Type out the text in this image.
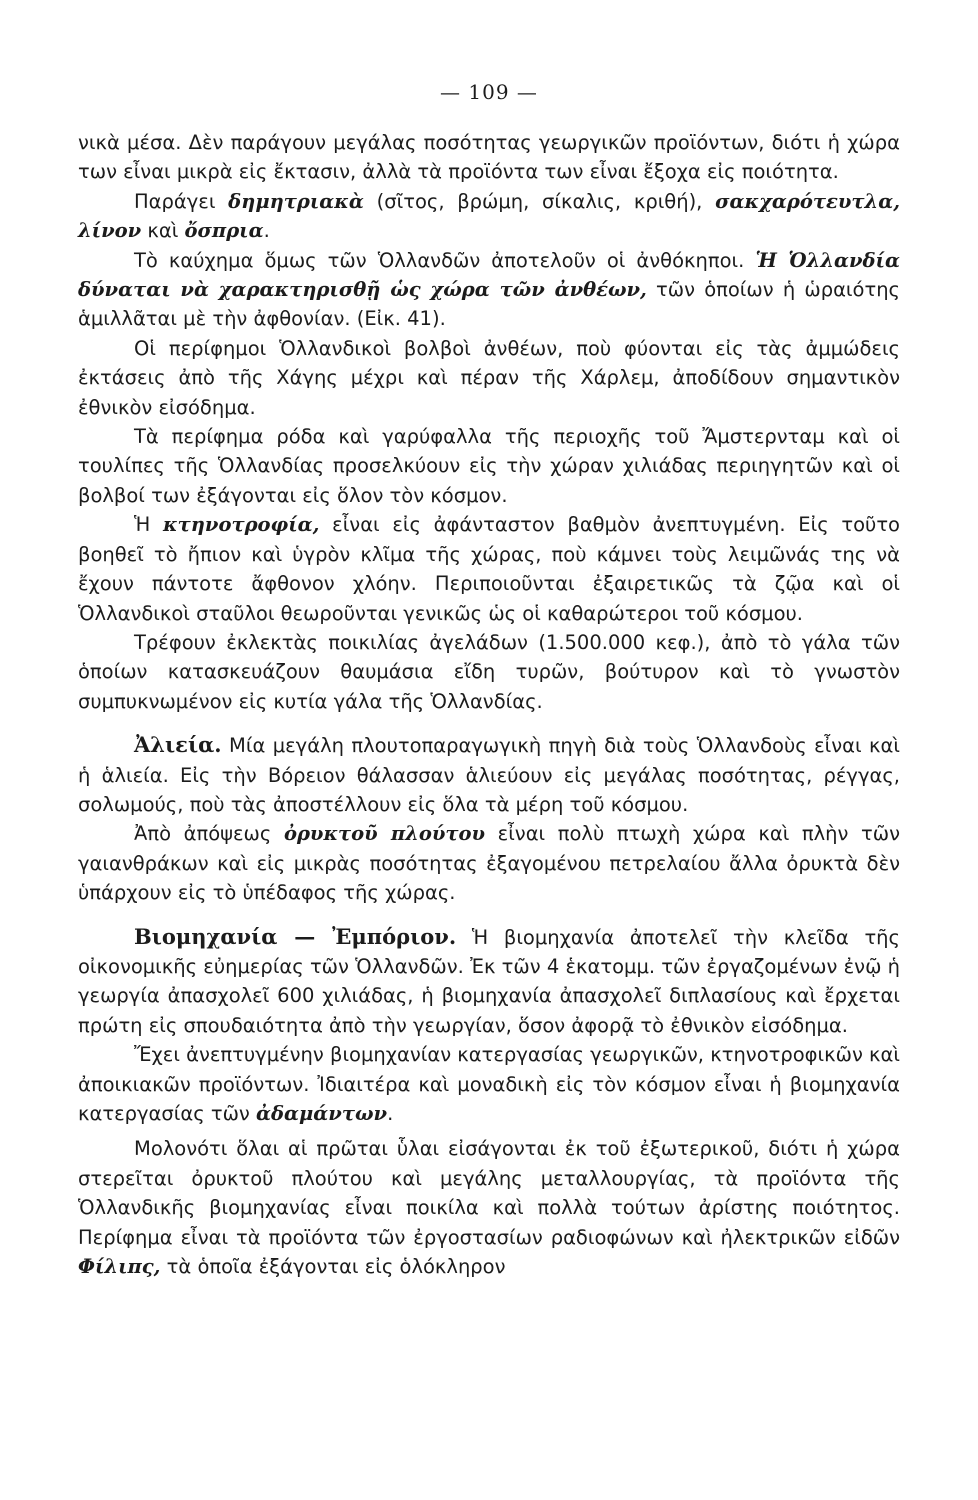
— 109 —

νικὰ μέσα. Δὲν παράγουν μεγάλας ποσότητας γεωργικῶν προϊόντων, διότι ἡ χώρα των εἶναι μικρὰ εἰς ἔκτασιν, ἀλλὰ τὰ προϊόντα των εἶναι ἔξοχα εἰς ποιότητα.

Παράγει δημητριακὰ (σῖτος, βρώμη, σίκαλις, κριθή), σακχαρότευτλα, λίνον καὶ ὄσπρια.

Τὸ καύχημα ὅμως τῶν Ὁλλανδῶν ἀποτελοῦν οἱ ἀνθόκηποι. Ἡ Ὁλλανδία δύναται νὰ χαρακτηρισθῇ ὡς χώρα τῶν ἀνθέων, τῶν ὁποίων ἡ ὡραιότης ἁμιλλᾶται μὲ τὴν ἀφθονίαν. (Εἰκ. 41).

Οἱ περίφημοι Ὁλλανδικοὶ βολβοὶ ἀνθέων, ποὺ φύονται εἰς τὰς ἀμμώδεις ἐκτάσεις ἀπὸ τῆς Χάγης μέχρι καὶ πέραν τῆς Χάρλεμ, ἀποδίδουν σημαντικὸν ἐθνικὸν εἰσόδημα.

Τὰ περίφημα ρόδα καὶ γαρύφαλλα τῆς περιοχῆς τοῦ Ἄμστερνταμ καὶ οἱ τουλίπες τῆς Ὁλλανδίας προσελκύουν εἰς τὴν χώραν χιλιάδας περιηγητῶν καὶ οἱ βολβοί των ἐξάγονται εἰς ὅλον τὸν κόσμον.

Ἡ κτηνοτροφία, εἶναι εἰς ἀφάνταστον βαθμὸν ἀνεπτυγμένη. Εἰς τοῦτο βοηθεῖ τὸ ἤπιον καὶ ὑγρὸν κλῖμα τῆς χώρας, ποὺ κάμνει τοὺς λειμῶνάς της νὰ ἔχουν πάντοτε ἄφθονον χλόην. Περιποιοῦνται ἐξαιρετικῶς τὰ ζῷα καὶ οἱ Ὁλλανδικοὶ σταῦλοι θεωροῦνται γενικῶς ὡς οἱ καθαρώτεροι τοῦ κόσμου.

Τρέφουν ἐκλεκτὰς ποικιλίας ἀγελάδων (1.500.000 κεφ.), ἀπὸ τὸ γάλα τῶν ὁποίων κατασκευάζουν θαυμάσια εἴδη τυρῶν, βούτυρον καὶ τὸ γνωστὸν συμπυκνωμένον εἰς κυτία γάλα τῆς Ὁλλανδίας.

Ἀλιεία. Μία μεγάλη πλουτοπαραγωγικὴ πηγὴ διὰ τοὺς Ὁλλανδοὺς εἶναι καὶ ἡ ἁλιεία. Εἰς τὴν Βόρειον θάλασσαν ἁλιεύουν εἰς μεγάλας ποσότητας, ρέγγας, σολωμούς, ποὺ τὰς ἀποστέλλουν εἰς ὅλα τὰ μέρη τοῦ κόσμου.

Ἀπὸ ἀπόψεως ὀρυκτοῦ πλούτου εἶναι πολὺ πτωχὴ χώρα καὶ πλὴν τῶν γαιανθράκων καὶ εἰς μικρὰς ποσότητας ἐξαγομένου πετρελαίου ἄλλα ὀρυκτὰ δὲν ὑπάρχουν εἰς τὸ ὑπέδαφος τῆς χώρας.

Βιομηχανία — Ἐμπόριον. Ἡ βιομηχανία ἀποτελεῖ τὴν κλεῖδα τῆς οἰκονομικῆς εὐημερίας τῶν Ὁλλανδῶν. Ἐκ τῶν 4 ἑκατομμ. τῶν ἐργαζομένων ἐνῷ ἡ γεωργία ἀπασχολεῖ 600 χιλιάδας, ἡ βιομηχανία ἀπασχολεῖ διπλασίους καὶ ἔρχεται πρώτη εἰς σπουδαιότητα ἀπὸ τὴν γεωργίαν, ὅσον ἀφορᾷ τὸ ἐθνικὸν εἰσόδημα.

Ἔχει ἀνεπτυγμένην βιομηχανίαν κατεργασίας γεωργικῶν, κτηνοτροφικῶν καὶ ἀποικιακῶν προϊόντων. Ἰδιαιτέρα καὶ μοναδικὴ εἰς τὸν κόσμον εἶναι ἡ βιομηχανία κατεργασίας τῶν ἀδαμάντων.

Μολονότι ὅλαι αἱ πρῶται ὗλαι εἰσάγονται ἐκ τοῦ ἐξωτερικοῦ, διότι ἡ χώρα στερεῖται ὀρυκτοῦ πλούτου καὶ μεγάλης μεταλλουργίας, τὰ προϊόντα τῆς Ὁλλανδικῆς βιομηχανίας εἶναι ποικίλα καὶ πολλὰ τούτων ἀρίστης ποιότητος. Περίφημα εἶναι τὰ προϊόντα τῶν ἐργοστασίων ραδιοφώνων καὶ ἠλεκτρικῶν εἰδῶν Φίλιπς, τὰ ὁποῖα ἐξάγονται εἰς ὁλόκληρον
